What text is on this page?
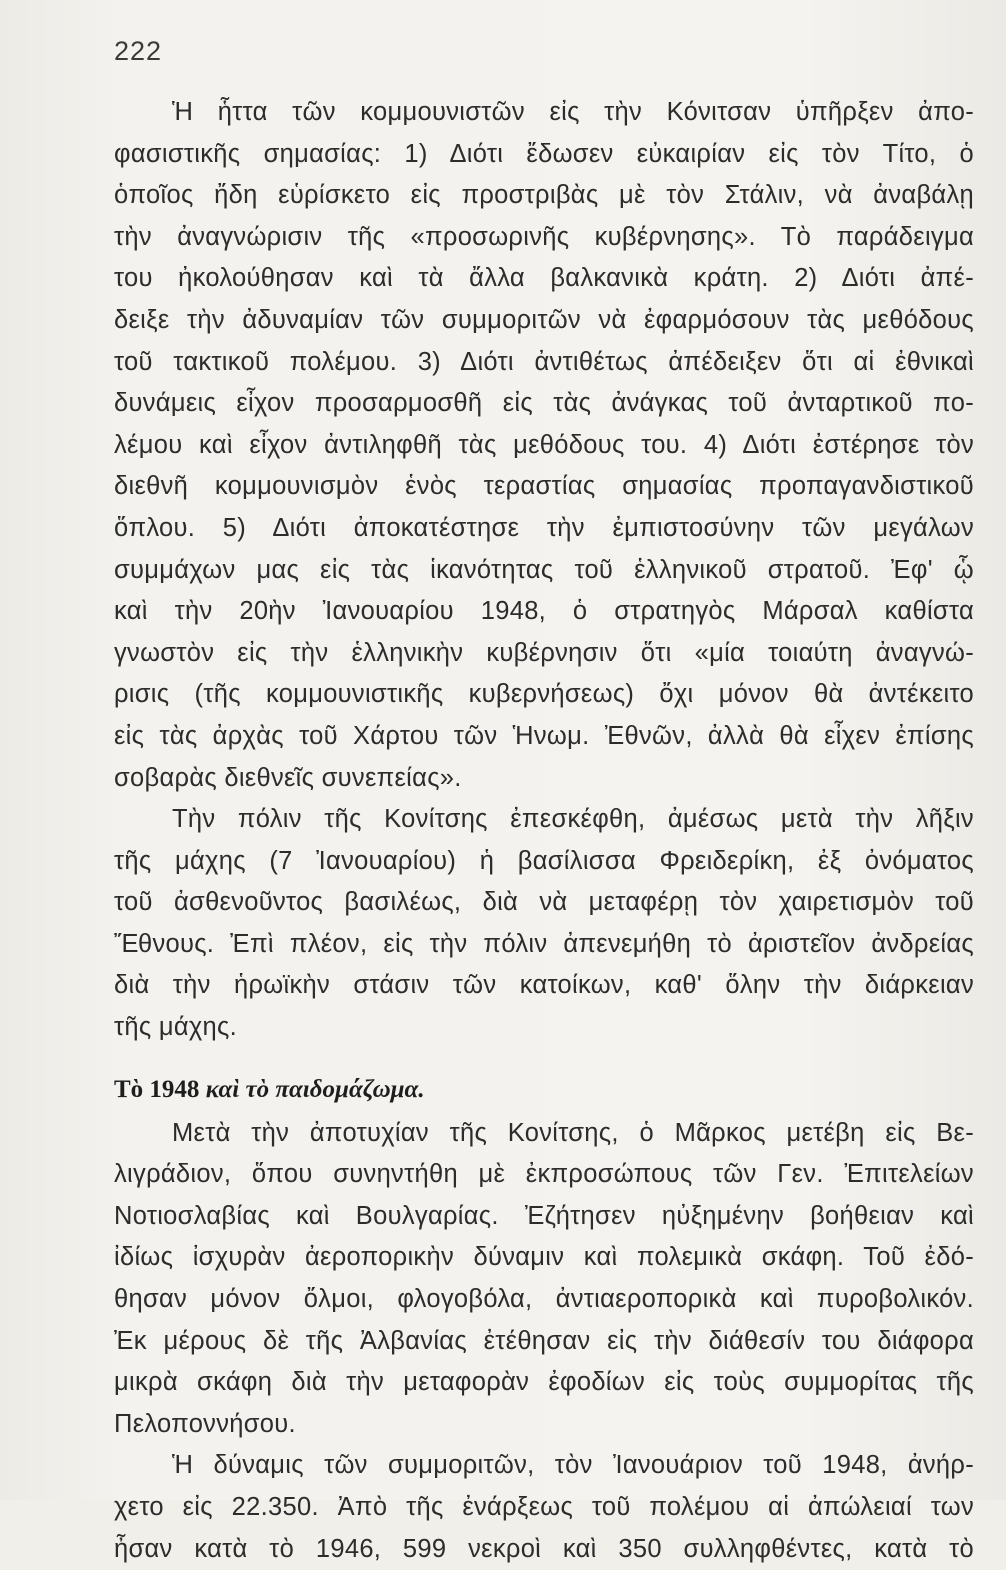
222
Ἡ ἧττα τῶν κομμουνιστῶν εἰς τὴν Κόνιτσαν ὑπῆρξεν ἀπο-
φασιστικῆς σημασίας: 1) Διότι ἔδωσεν εὐκαιρίαν εἰς τὸν Τίτο, ὁ
ὁποῖος ἤδη εὑρίσκετο εἰς προστριβὰς μὲ τὸν Στάλιν, νὰ ἀναβάλῃ
τὴν ἀναγνώρισιν τῆς «προσωρινῆς κυβέρνησης». Τὸ παράδειγμα
του ἠκολούθησαν καὶ τὰ ἄλλα βαλκανικὰ κράτη. 2) Διότι ἀπέ-
δειξε τὴν ἀδυναμίαν τῶν συμμοριτῶν νὰ ἐφαρμόσουν τὰς μεθόδους
τοῦ τακτικοῦ πολέμου. 3) Διότι ἀντιθέτως ἀπέδειξεν ὅτι αἱ ἐθνικαὶ
δυνάμεις εἶχον προσαρμοσθῆ εἰς τὰς ἀνάγκας τοῦ ἀνταρτικοῦ πο-
λέμου καὶ εἶχον ἀντιληφθῆ τὰς μεθόδους του. 4) Διότι ἐστέρησε τὸν
διεθνῆ κομμουνισμὸν ἑνὸς τεραστίας σημασίας προπαγανδιστικοῦ
ὅπλου. 5) Διότι ἀποκατέστησε τὴν ἐμπιστοσύνην τῶν μεγάλων
συμμάχων μας εἰς τὰς ἱκανότητας τοῦ ἑλληνικοῦ στρατοῦ. Ἐφ' ᾧ
καὶ τὴν 20ὴν Ἰανουαρίου 1948, ὁ στρατηγὸς Μάρσαλ καθίστα
γνωστὸν εἰς τὴν ἑλληνικὴν κυβέρνησιν ὅτι «μία τοιαύτη ἀναγνώ-
ρισις (τῆς κομμουνιστικῆς κυβερνήσεως) ὄχι μόνον θὰ ἀντέκειτο
εἰς τὰς ἀρχὰς τοῦ Χάρτου τῶν Ἡνωμ. Ἐθνῶν, ἀλλὰ θὰ εἶχεν ἐπίσης
σοβαρὰς διεθνεῖς συνεπείας».
Τὴν πόλιν τῆς Κονίτσης ἐπεσκέφθη, ἀμέσως μετὰ τὴν λῆξιν
τῆς μάχης (7 Ἰανουαρίου) ἡ βασίλισσα Φρειδερίκη, ἐξ ὀνόματος
τοῦ ἀσθενοῦντος βασιλέως, διὰ νὰ μεταφέρῃ τὸν χαιρετισμὸν τοῦ
Ἔθνους. Ἐπὶ πλέον, εἰς τὴν πόλιν ἀπενεμήθη τὸ ἀριστεῖον ἀνδρείας
διὰ τὴν ἡρωϊκὴν στάσιν τῶν κατοίκων, καθ' ὅλην τὴν διάρκειαν
τῆς μάχης.
Τὸ 1948 καὶ τὸ παιδομάζωμα.
Μετὰ τὴν ἀποτυχίαν τῆς Κονίτσης, ὁ Μᾶρκος μετέβη εἰς Βε-
λιγράδιον, ὅπου συνηντήθη μὲ ἐκπροσώπους τῶν Γεν. Ἐπιτελείων
Νοτιοσλαβίας καὶ Βουλγαρίας. Ἐζήτησεν ηὐξημένην βοήθειαν καὶ
ἰδίως ἰσχυρὰν ἀεροπορικὴν δύναμιν καὶ πολεμικὰ σκάφη. Τοῦ ἐδό-
θησαν μόνον ὄλμοι, φλογοβόλα, ἀντιαεροπορικὰ καὶ πυροβολικόν.
Ἐκ μέρους δὲ τῆς Ἀλβανίας ἐτέθησαν εἰς τὴν διάθεσίν του διάφορα
μικρὰ σκάφη διὰ τὴν μεταφορὰν ἐφοδίων εἰς τοὺς συμμορίτας τῆς
Πελοποννήσου.
Ἡ δύναμις τῶν συμμοριτῶν, τὸν Ἰανουάριον τοῦ 1948, ἀνήρ-
χετο εἰς 22.350. Ἀπὸ τῆς ἐνάρξεως τοῦ πολέμου αἱ ἀπώλειαί των
ἦσαν κατὰ τὸ 1946, 599 νεκροὶ καὶ 350 συλληφθέντες, κατὰ τὸ
